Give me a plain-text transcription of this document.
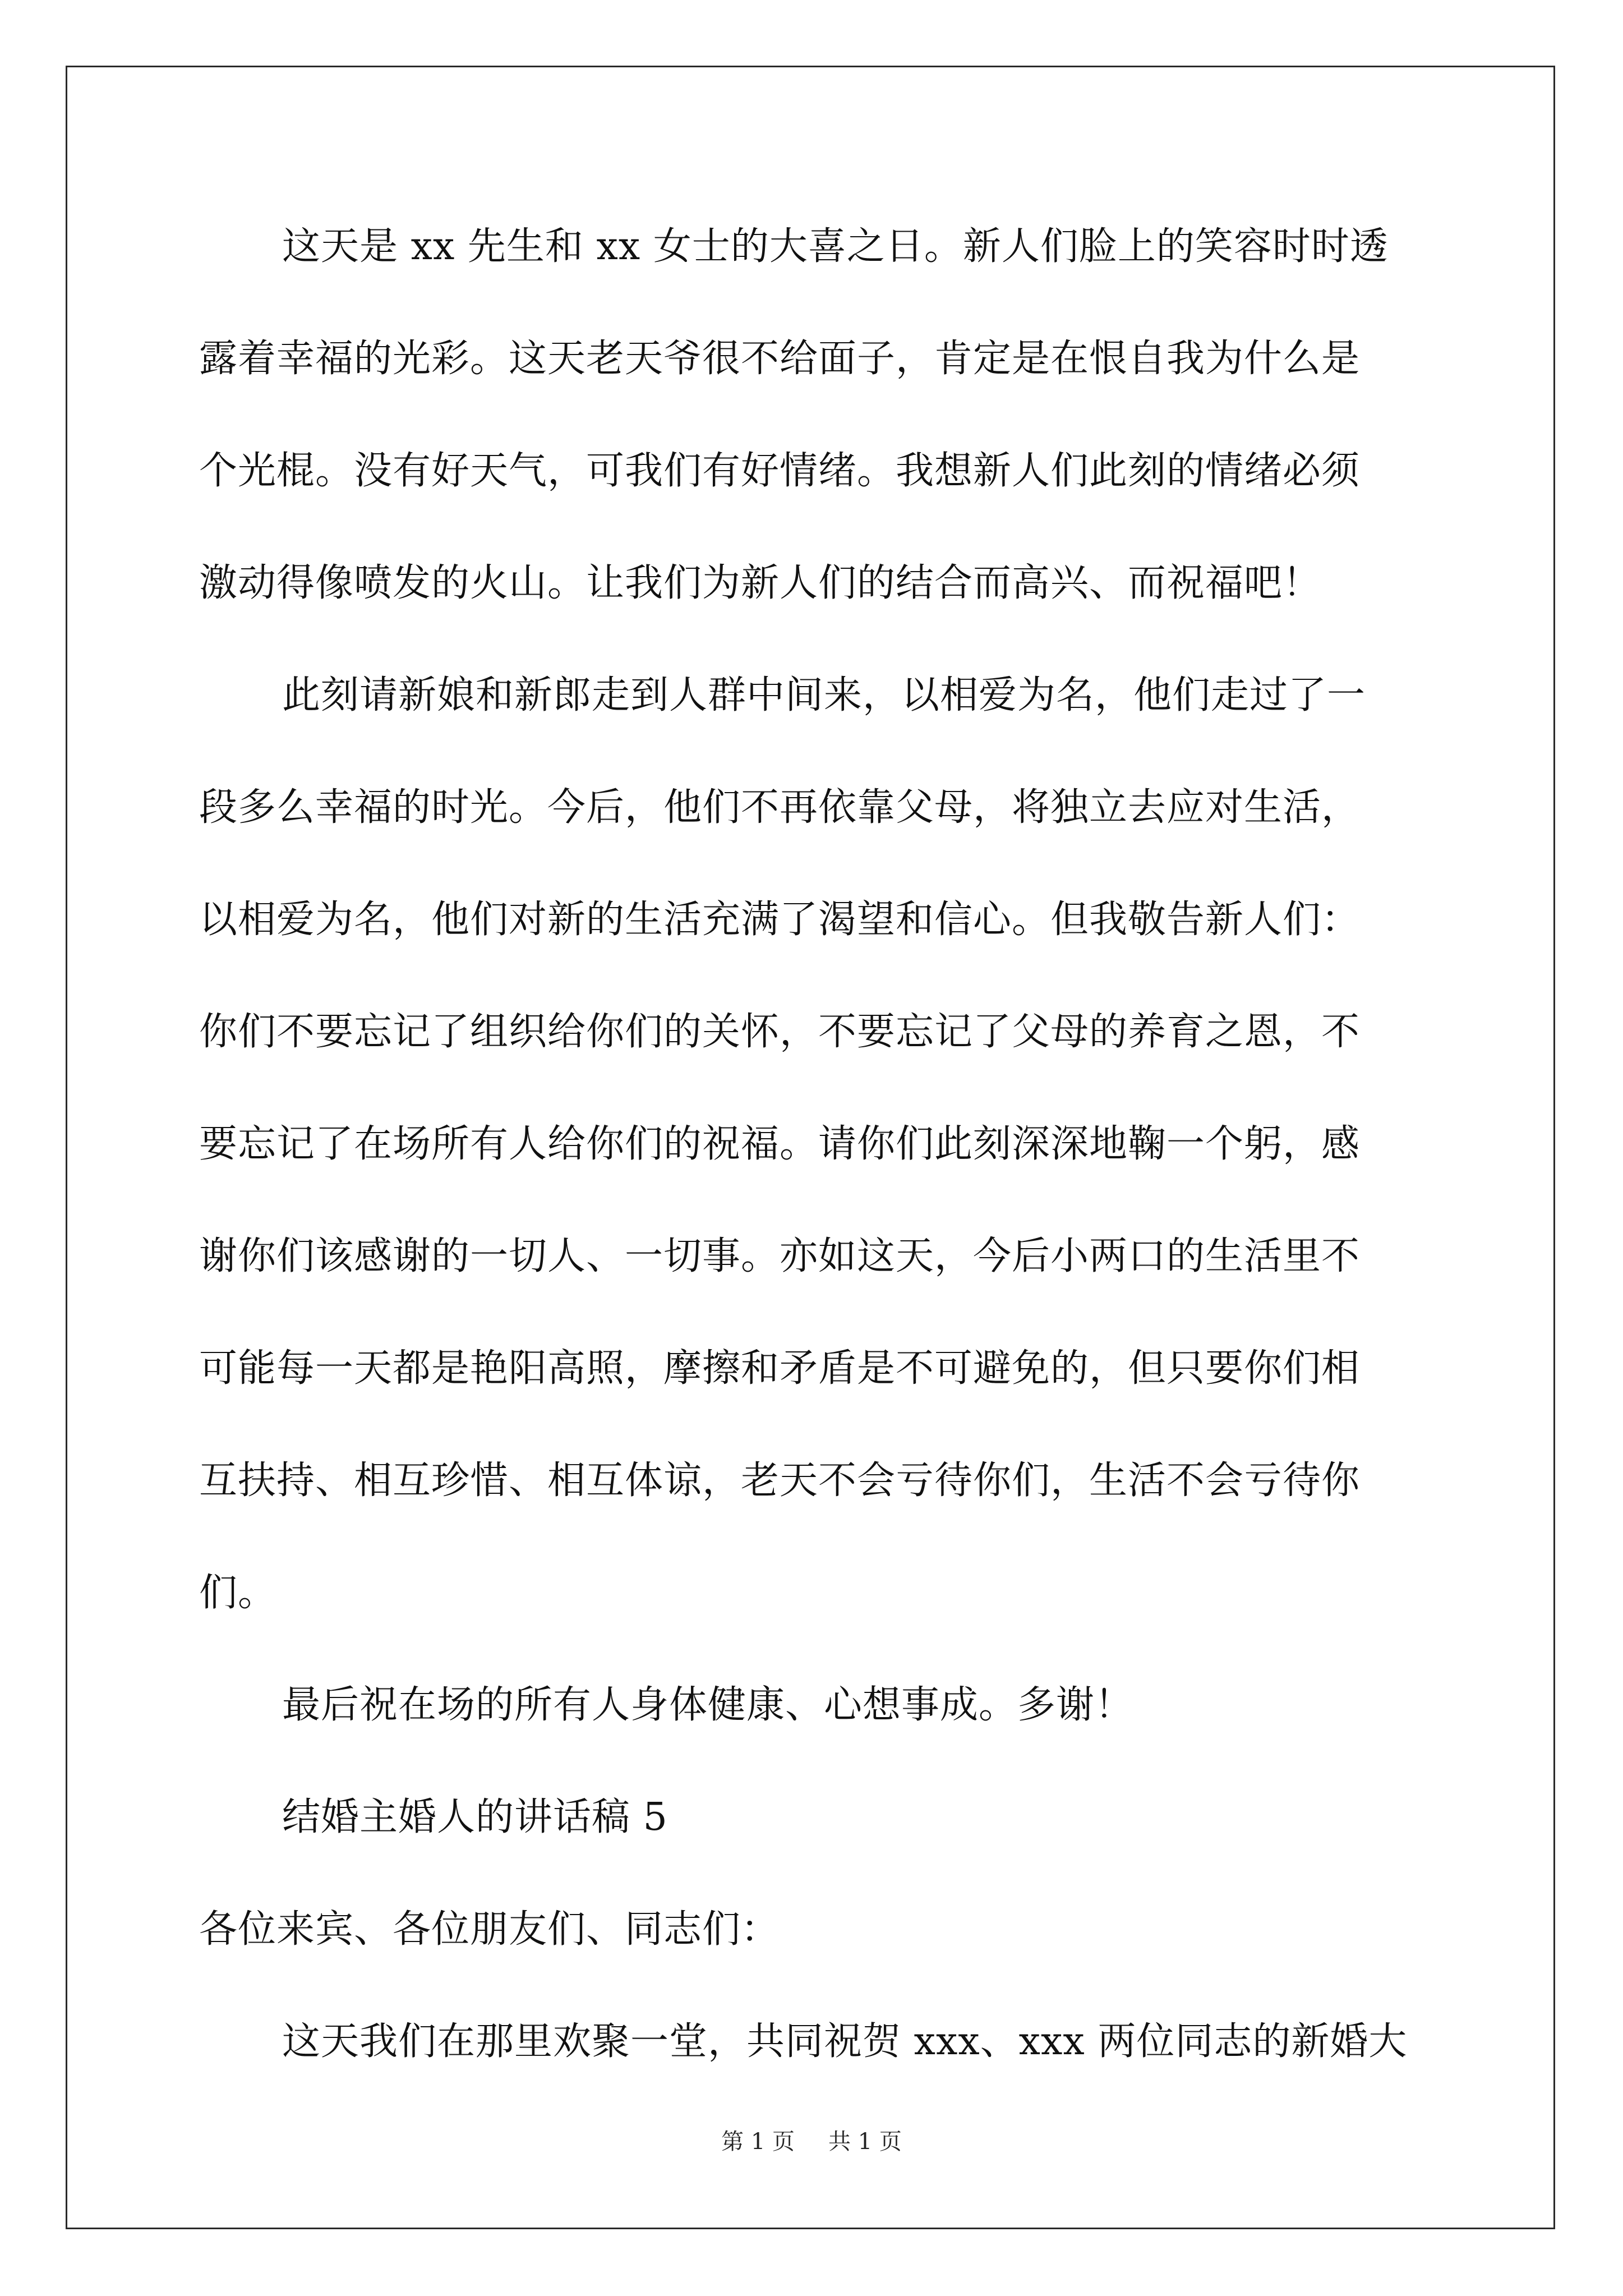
这天是 xx 先生和 xx 女士的大喜之日。新人们脸上的笑容时时透
露着幸福的光彩。这天老天爷很不给面子，肯定是在恨自我为什么是
个光棍。没有好天气，可我们有好情绪。我想新人们此刻的情绪必须
激动得像喷发的火山。让我们为新人们的结合而高兴、而祝福吧！
此刻请新娘和新郎走到人群中间来，以相爱为名，他们走过了一
段多么幸福的时光。今后，他们不再依靠父母，将独立去应对生活，
以相爱为名，他们对新的生活充满了渴望和信心。但我敬告新人们：
你们不要忘记了组织给你们的关怀，不要忘记了父母的养育之恩，不
要忘记了在场所有人给你们的祝福。请你们此刻深深地鞠一个躬，感
谢你们该感谢的一切人、一切事。亦如这天，今后小两口的生活里不
可能每一天都是艳阳高照，摩擦和矛盾是不可避免的，但只要你们相
互扶持、相互珍惜、相互体谅，老天不会亏待你们，生活不会亏待你
们。
最后祝在场的所有人身体健康、心想事成。多谢！
结婚主婚人的讲话稿 5
各位来宾、各位朋友们、同志们：
这天我们在那里欢聚一堂，共同祝贺 xxx、xxx 两位同志的新婚大
第 1 页 共 1 页
